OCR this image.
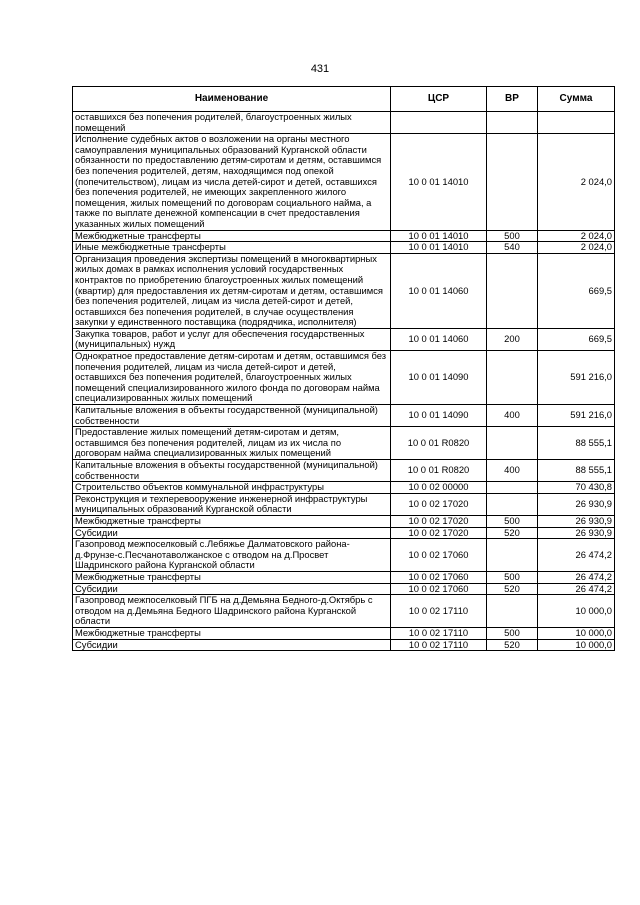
431
Наименование	ЦСР	ВР	Сумма
оставшихся без попечения родителей, благоустроенных жилых помещений			
Исполнение судебных актов о возложении на органы местного самоуправления муниципальных образований Курганской области обязанности по предоставлению детям-сиротам и детям, оставшимся без попечения родителей, детям, находящимся под опекой (попечительством), лицам из числа детей-сирот и детей, оставшихся без попечения родителей, не имеющих закрепленного жилого помещения, жилых помещений по договорам социального найма, а также по выплате денежной компенсации в счет предоставления указанных жилых помещений	10 0 01 14010		2 024,0
Межбюджетные трансферты	10 0 01 14010	500	2 024,0
Иные межбюджетные трансферты	10 0 01 14010	540	2 024,0
Организация проведения экспертизы помещений в многоквартирных жилых домах в рамках исполнения условий государственных контрактов по приобретению благоустроенных жилых помещений (квартир) для предоставления их детям-сиротам и детям, оставшимся без попечения родителей, лицам из числа детей-сирот и детей, оставшихся без попечения родителей, в случае осуществления закупки у единственного поставщика (подрядчика, исполнителя)	10 0 01 14060		669,5
Закупка товаров, работ и услуг для обеспечения государственных (муниципальных) нужд	10 0 01 14060	200	669,5
Однократное предоставление детям-сиротам и детям, оставшимся без попечения родителей, лицам из числа детей-сирот и детей, оставшихся без попечения родителей, благоустроенных жилых помещений специализированного жилого фонда по договорам найма специализированных жилых помещений	10 0 01 14090		591 216,0
Капитальные вложения в объекты государственной (муниципальной) собственности	10 0 01 14090	400	591 216,0
Предоставление жилых помещений детям-сиротам и детям, оставшимся без попечения родителей, лицам из их числа по договорам найма специализированных жилых помещений	10 0 01 R0820		88 555,1
Капитальные вложения в объекты государственной (муниципальной) собственности	10 0 01 R0820	400	88 555,1
Строительство объектов коммунальной инфраструктуры	10 0 02 00000		70 430,8
Реконструкция и техперевооружение инженерной инфраструктуры муниципальных образований Курганской области	10 0 02 17020		26 930,9
Межбюджетные трансферты	10 0 02 17020	500	26 930,9
Субсидии	10 0 02 17020	520	26 930,9
Газопровод межпоселковый с.Лебяжье Далматовского района-д.Фрунзе-с.Песчанотаволжанское с отводом на д.Просвет Шадринского района Курганской области	10 0 02 17060		26 474,2
Межбюджетные трансферты	10 0 02 17060	500	26 474,2
Субсидии	10 0 02 17060	520	26 474,2
Газопровод межпоселковый ПГБ на д.Демьяна Бедного-д.Октябрь с отводом на д.Демьяна Бедного Шадринского района Курганской области	10 0 02 17110		10 000,0
Межбюджетные трансферты	10 0 02 17110	500	10 000,0
Субсидии	10 0 02 17110	520	10 000,0
